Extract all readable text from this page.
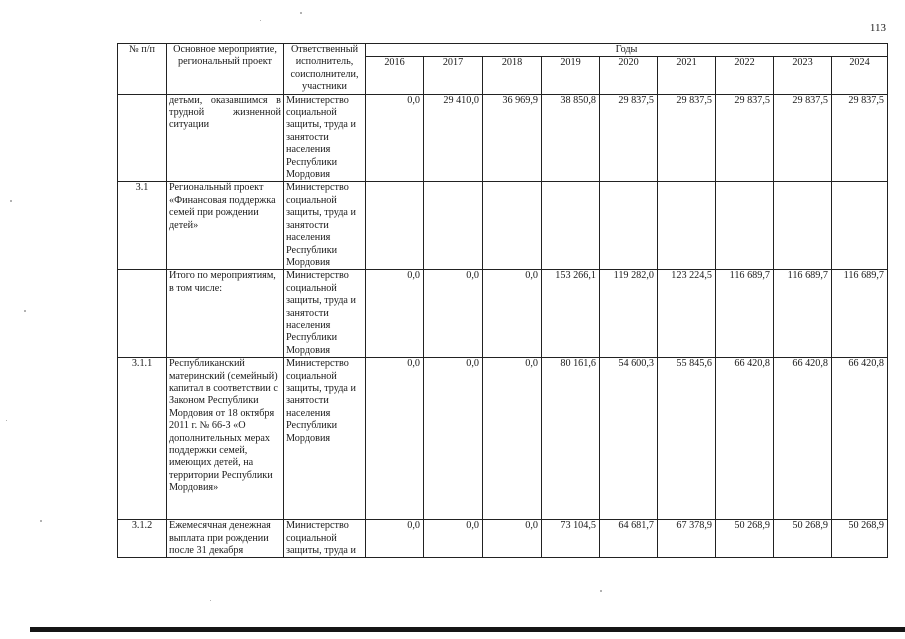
113
№ п/п	Основное мероприятие, региональный проект	Ответственный исполнитель, соисполнители, участники	Годы								
			2016	2017	2018	2019	2020	2021	2022	2023	2024
	детьми, оказавшимся в трудной жизненной ситуации	Министерство социальной защиты, труда и занятости населения Республики Мордовия	0,0	29 410,0	36 969,9	38 850,8	29 837,5	29 837,5	29 837,5	29 837,5	29 837,5
3.1	Региональный проект «Финансовая поддержка семей при рождении детей»	Министерство социальной защиты, труда и занятости населения Республики Мордовия									
	Итого по мероприятиям, в том числе:	Министерство социальной защиты, труда и занятости населения Республики Мордовия	0,0	0,0	0,0	153 266,1	119 282,0	123 224,5	116 689,7	116 689,7	116 689,7
3.1.1	Республиканский материнский (семейный) капитал в соответствии с Законом Республики Мордовия от 18 октября 2011 г. № 66-З «О дополнительных мерах поддержки семей, имеющих детей, на территории Республики Мордовия»	Министерство социальной защиты, труда и занятости населения Республики Мордовия	0,0	0,0	0,0	80 161,6	54 600,3	55 845,6	66 420,8	66 420,8	66 420,8
3.1.2	Ежемесячная денежная выплата при рождении после 31 декабря	Министерство социальной защиты, труда и	0,0	0,0	0,0	73 104,5	64 681,7	67 378,9	50 268,9	50 268,9	50 268,9
